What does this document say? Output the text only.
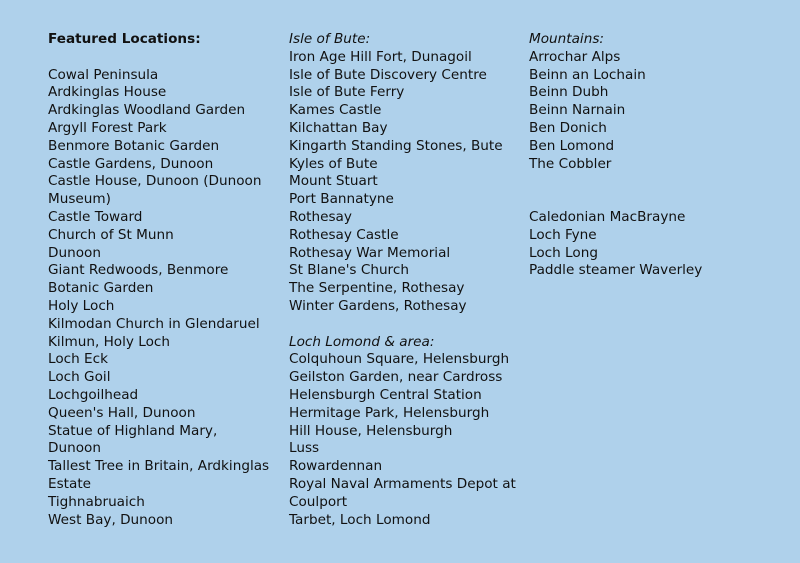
Featured Locations:
Cowal Peninsula
Ardkinglas House
Ardkinglas Woodland Garden
Argyll Forest Park
Benmore Botanic Garden
Castle Gardens, Dunoon
Castle House, Dunoon (Dunoon Museum)
Castle Toward
Church of St Munn
Dunoon
Giant Redwoods, Benmore Botanic Garden
Holy Loch
Kilmodan Church in Glendaruel
Kilmun, Holy Loch
Loch Eck
Loch Goil
Lochgoilhead
Queen's Hall, Dunoon
Statue of Highland Mary, Dunoon
Tallest Tree in Britain, Ardkinglas Estate
Tighnabruaich
West Bay, Dunoon
Isle of Bute:
Iron Age Hill Fort, Dunagoil
Isle of Bute Discovery Centre
Isle of Bute Ferry
Kames Castle
Kilchattan Bay
Kingarth Standing Stones, Bute
Kyles of Bute
Mount Stuart
Port Bannatyne
Rothesay
Rothesay Castle
Rothesay War Memorial
St Blane's Church
The Serpentine, Rothesay
Winter Gardens, Rothesay
Loch Lomond & area:
Colquhoun Square, Helensburgh
Geilston Garden, near Cardross
Helensburgh Central Station
Hermitage Park, Helensburgh
Hill House, Helensburgh
Luss
Rowardennan
Royal Naval Armaments Depot at Coulport
Tarbet, Loch Lomond
Mountains:
Arrochar Alps
Beinn an Lochain
Beinn Dubh
Beinn Narnain
Ben Donich
Ben Lomond
The Cobbler
Caledonian MacBrayne
Loch Fyne
Loch Long
Paddle steamer Waverley
